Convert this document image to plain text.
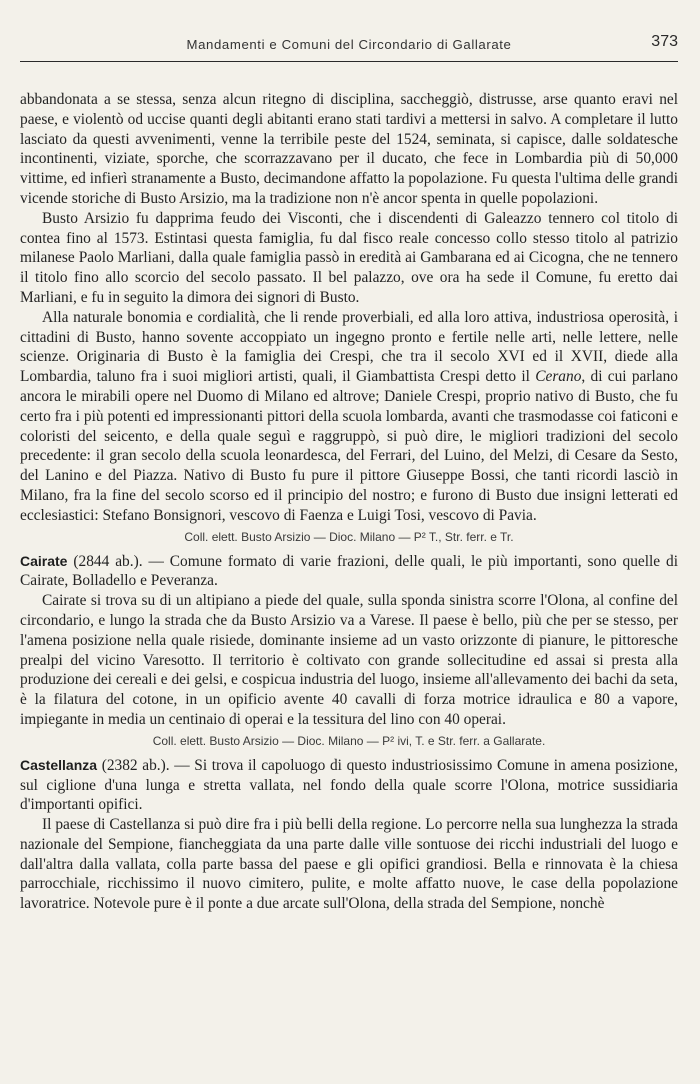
Mandamenti e Comuni del Circondario di Gallarate	373

abbandonata a se stessa, senza alcun ritegno di disciplina, saccheggiò, distrusse, arse quanto eravi nel paese, e violentò od uccise quanti degli abitanti erano stati tardivi a mettersi in salvo. A completare il lutto lasciato da questi avvenimenti, venne la terribile peste del 1524, seminata, si capisce, dalle soldatesche incontinenti, viziate, sporche, che scorrazzavano per il ducato, che fece in Lombardia più di 50,000 vittime, ed infierì stranamente a Busto, decimandone affatto la popolazione. Fu questa l'ultima delle grandi vicende storiche di Busto Arsizio, ma la tradizione non n'è ancor spenta in quelle popolazioni.

Busto Arsizio fu dapprima feudo dei Visconti, che i discendenti di Galeazzo tennero col titolo di contea fino al 1573. Estintasi questa famiglia, fu dal fisco reale concesso collo stesso titolo al patrizio milanese Paolo Marliani, dalla quale famiglia passò in eredità ai Gambarana ed ai Cicogna, che ne tennero il titolo fino allo scorcio del secolo passato. Il bel palazzo, ove ora ha sede il Comune, fu eretto dai Marliani, e fu in seguito la dimora dei signori di Busto.

Alla naturale bonomia e cordialità, che li rende proverbiali, ed alla loro attiva, industriosa operosità, i cittadini di Busto, hanno sovente accoppiato un ingegno pronto e fertile nelle arti, nelle lettere, nelle scienze. Originaria di Busto è la famiglia dei Crespi, che tra il secolo XVI ed il XVII, diede alla Lombardia, taluno fra i suoi migliori artisti, quali, il Giambattista Crespi detto il Cerano, di cui parlano ancora le mirabili opere nel Duomo di Milano ed altrove; Daniele Crespi, proprio nativo di Busto, che fu certo fra i più potenti ed impressionanti pittori della scuola lombarda, avanti che trasmodasse coi faticoni e coloristi del seicento, e della quale seguì e raggruppò, si può dire, le migliori tradizioni del secolo precedente: il gran secolo della scuola leonardesca, del Ferrari, del Luino, del Melzi, di Cesare da Sesto, del Lanino e del Piazza. Nativo di Busto fu pure il pittore Giuseppe Bossi, che tanti ricordi lasciò in Milano, fra la fine del secolo scorso ed il principio del nostro; e furono di Busto due insigni letterati ed ecclesiastici: Stefano Bonsignori, vescovo di Faenza e Luigi Tosi, vescovo di Pavia.

Coll. elett. Busto Arsizio — Dioc. Milano — P² T., Str. ferr. e Tr.

Cairate (2844 ab.). — Comune formato di varie frazioni, delle quali, le più importanti, sono quelle di Cairate, Bolladello e Peveranza.

Cairate si trova su di un altipiano a piede del quale, sulla sponda sinistra scorre l'Olona, al confine del circondario, e lungo la strada che da Busto Arsizio va a Varese. Il paese è bello, più che per se stesso, per l'amena posizione nella quale risiede, dominante insieme ad un vasto orizzonte di pianure, le pittoresche prealpi del vicino Varesotto. Il territorio è coltivato con grande sollecitudine ed assai si presta alla produzione dei cereali e dei gelsi, e cospicua industria del luogo, insieme all'allevamento dei bachi da seta, è la filatura del cotone, in un opificio avente 40 cavalli di forza motrice idraulica e 80 a vapore, impiegante in media un centinaio di operai e la tessitura del lino con 40 operai.

Coll. elett. Busto Arsizio — Dioc. Milano — P² ivi, T. e Str. ferr. a Gallarate.

Castellanza (2382 ab.). — Si trova il capoluogo di questo industriosissimo Comune in amena posizione, sul ciglione d'una lunga e stretta vallata, nel fondo della quale scorre l'Olona, motrice sussidiaria d'importanti opifici.

Il paese di Castellanza si può dire fra i più belli della regione. Lo percorre nella sua lunghezza la strada nazionale del Sempione, fiancheggiata da una parte dalle ville sontuose dei ricchi industriali del luogo e dall'altra dalla vallata, colla parte bassa del paese e gli opifici grandiosi. Bella e rinnovata è la chiesa parrocchiale, ricchissimo il nuovo cimitero, pulite, e molte affatto nuove, le case della popolazione lavoratrice. Notevole pure è il ponte a due arcate sull'Olona, della strada del Sempione, nonchè
